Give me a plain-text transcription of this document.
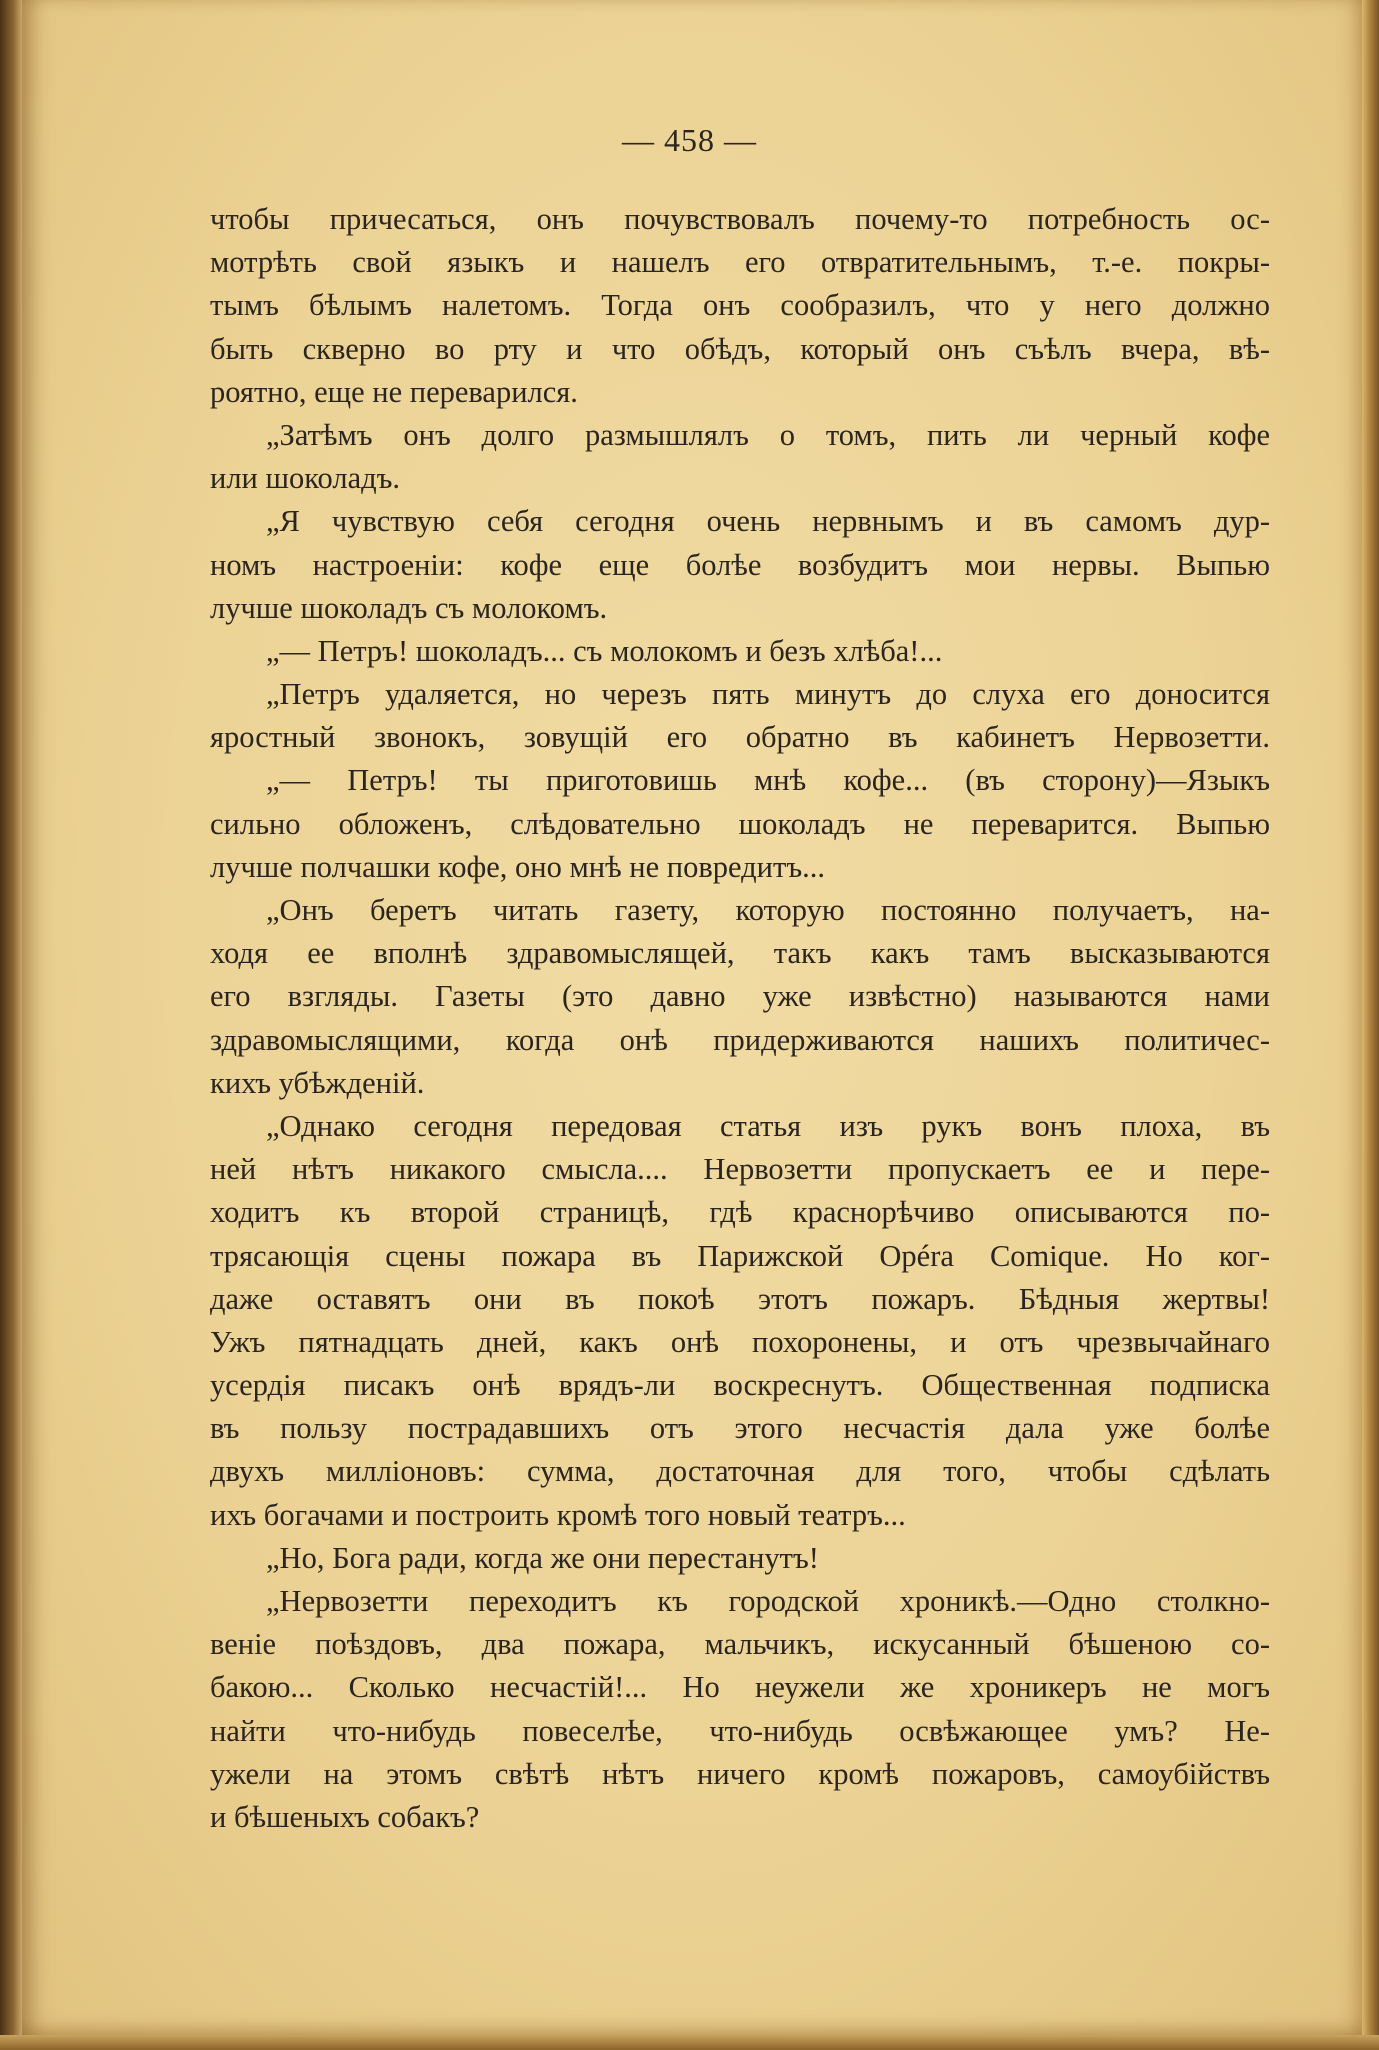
— 458 —
чтобы причесаться, онъ почувствовалъ почему-то потребность ос-
мотрѣть свой языкъ и нашелъ его отвратительнымъ, т.-е. покры-
тымъ бѣлымъ налетомъ. Тогда онъ сообразилъ, что у него должно
быть скверно во рту и что обѣдъ, который онъ съѣлъ вчера, вѣ-
роятно, еще не переварился.
„Затѣмъ онъ долго размышлялъ о томъ, пить ли черный кофе
или шоколадъ.
„Я чувствую себя сегодня очень нервнымъ и въ самомъ дур-
номъ настроеніи: кофе еще болѣе возбудитъ мои нервы. Выпью
лучше шоколадъ съ молокомъ.
„— Петръ! шоколадъ... съ молокомъ и безъ хлѣба!...
„Петръ удаляется, но черезъ пять минутъ до слуха его доносится
яростный звонокъ, зовущій его обратно въ кабинетъ Нервозетти.
„— Петръ! ты приготовишь мнѣ кофе... (въ сторону)—Языкъ
сильно обложенъ, слѣдовательно шоколадъ не переварится. Выпью
лучше полчашки кофе, оно мнѣ не повредитъ...
„Онъ беретъ читать газету, которую постоянно получаетъ, на-
ходя ее вполнѣ здравомыслящей, такъ какъ тамъ высказываются
его взгляды. Газеты (это давно уже извѣстно) называются нами
здравомыслящими, когда онѣ придерживаются нашихъ политичес-
кихъ убѣжденій.
„Однако сегодня передовая статья изъ рукъ вонъ плоха, въ
ней нѣтъ никакого смысла.... Нервозетти пропускаетъ ее и пере-
ходитъ къ второй страницѣ, гдѣ краснорѣчиво описываются по-
трясающія сцены пожара въ Парижской Opéra Comique. Но ког-
даже оставятъ они въ покоѣ этотъ пожаръ. Бѣдныя жертвы!
Ужъ пятнадцать дней, какъ онѣ похоронены, и отъ чрезвычайнаго
усердія писакъ онѣ врядъ-ли воскреснутъ. Общественная подписка
въ пользу пострадавшихъ отъ этого несчастія дала уже болѣе
двухъ милліоновъ: сумма, достаточная для того, чтобы сдѣлать
ихъ богачами и построить кромѣ того новый театръ...
„Но, Бога ради, когда же они перестанутъ!
„Нервозетти переходитъ къ городской хроникѣ.—Одно столкно-
веніе поѣздовъ, два пожара, мальчикъ, искусанный бѣшеною со-
бакою... Сколько несчастій!... Но неужели же хроникеръ не могъ
найти что-нибудь повеселѣе, что-нибудь освѣжающее умъ? Не-
ужели на этомъ свѣтѣ нѣтъ ничего кромѣ пожаровъ, самоубійствъ
и бѣшеныхъ собакъ?
